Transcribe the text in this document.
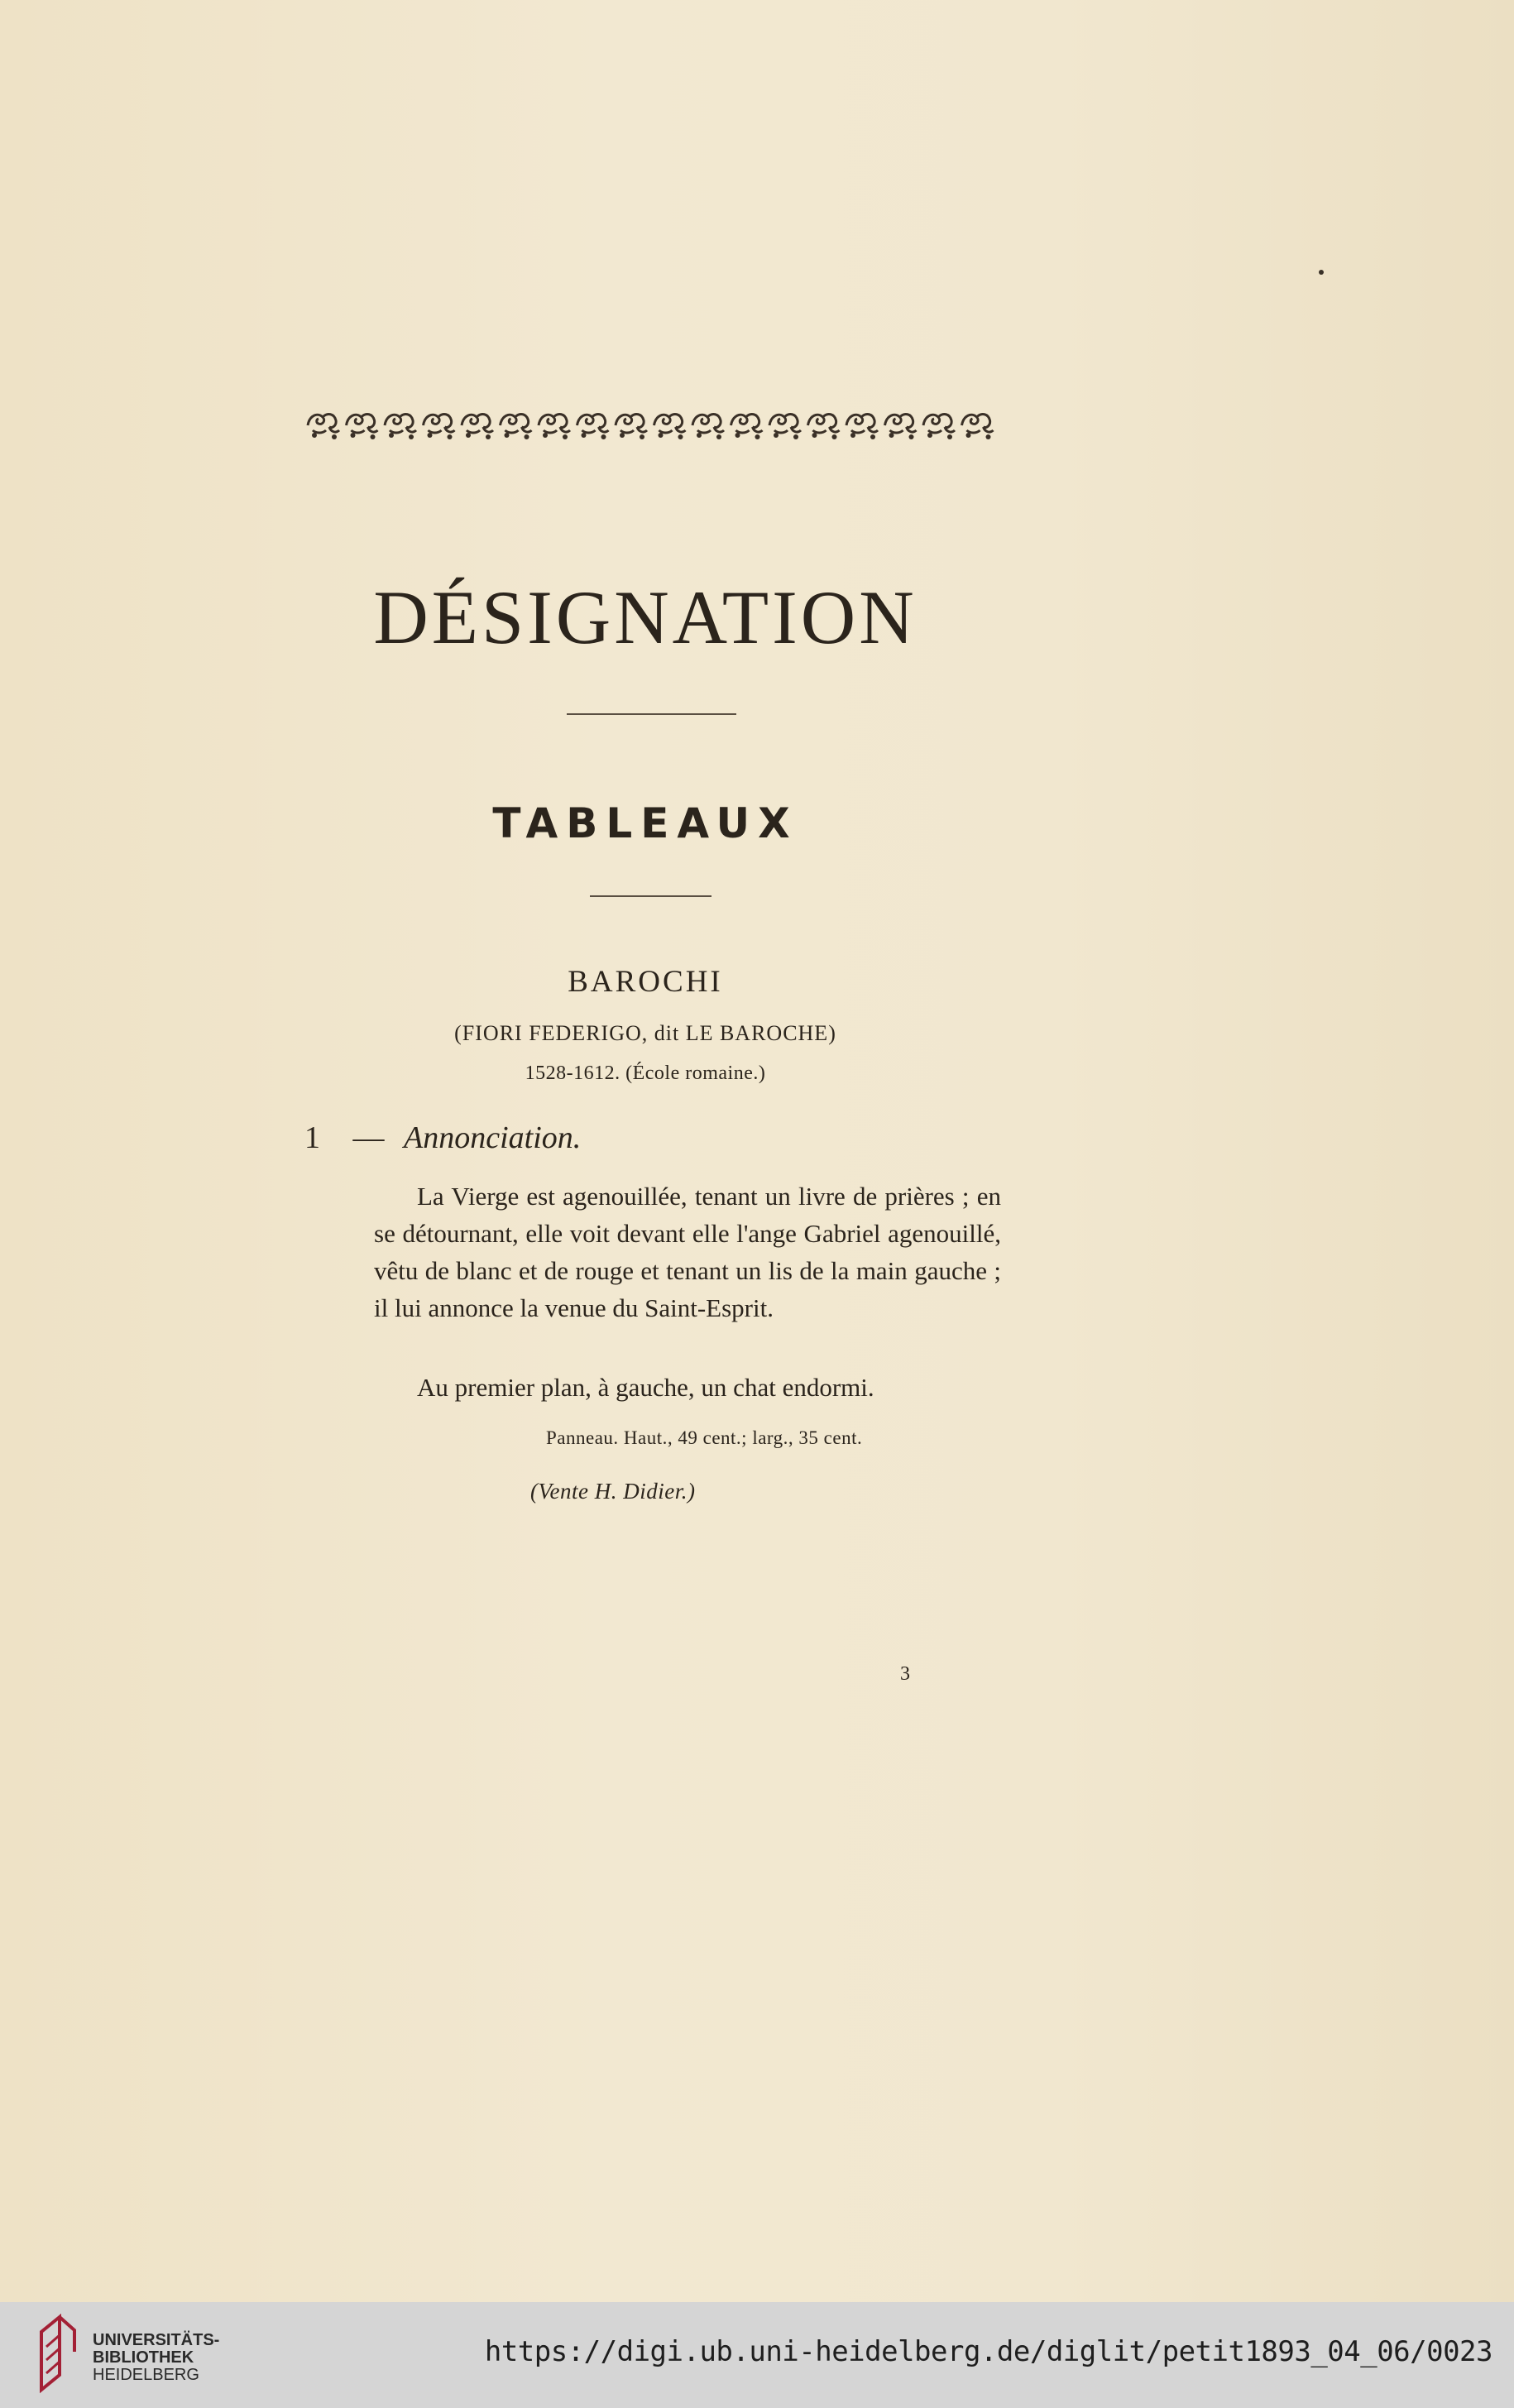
DÉSIGNATION
TABLEAUX
BAROCHI
(FIORI FEDERIGO, dit LE BAROCHE)
1528-1612. (École romaine.)
1 — Annonciation.

La Vierge est agenouillée, tenant un livre de prières ; en se détournant, elle voit devant elle l'ange Gabriel agenouillé, vêtu de blanc et de rouge et tenant un lis de la main gauche ; il lui annonce la venue du Saint-Esprit.

Au premier plan, à gauche, un chat endormi.

Panneau. Haut., 49 cent.; larg., 35 cent.
(Vente H. Didier.)
3
UNIVERSITÄTS-
BIBLIOTHEK
HEIDELBERG
https://digi.ub.uni-heidelberg.de/diglit/petit1893_04_06/0023
